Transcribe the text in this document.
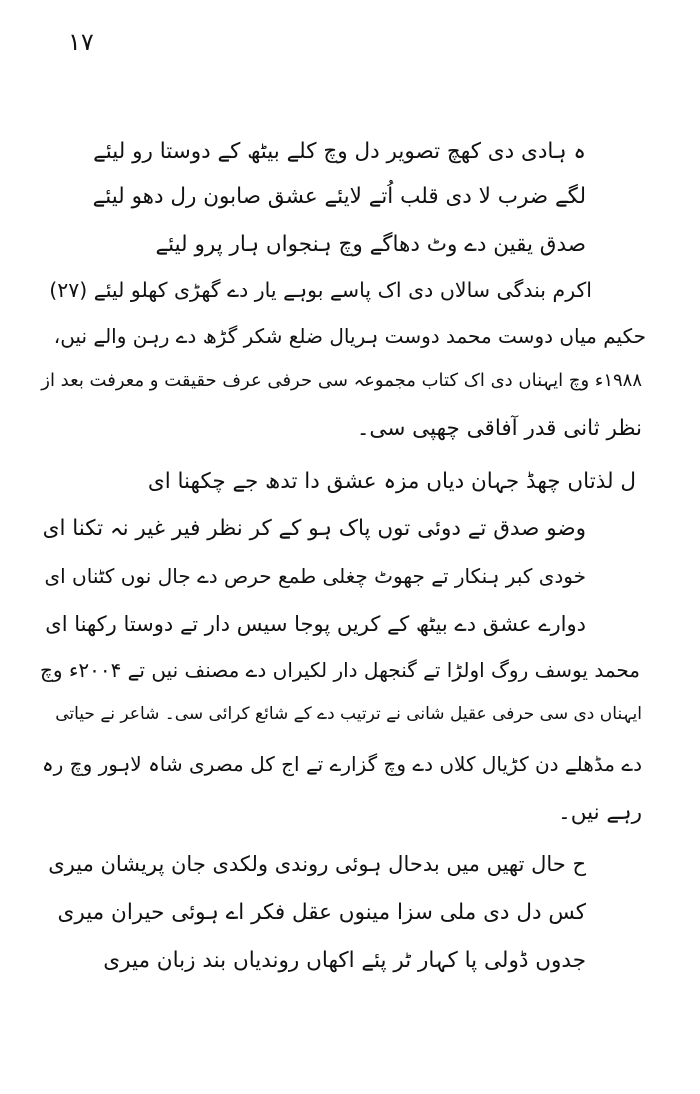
۱۷
ہ ہادی دی کھچ تصویر دل وچ کلے بیٹھ کے دوستا رو لیئے
لگے ضرب لا دی قلب اُتے لایئے عشق صابون رل دھو لیئے
صدق یقین دے وٹ دھاگے وچ ہنجواں ہار پرو لیئے
اکرم بندگی سالاں دی اک پاسے بوہے یار دے گھڑی کھلو لیئے (۲۷)
حکیم میاں دوست محمد دوست ہریال ضلع شکر گڑھ دے رہن والے نیں،
۱۹۸۸ء وچ ایہناں دی اک کتاب مجموعہ سی حرفی عرف حقیقت و معرفت بعد از
نظر ثانی قدر آفاقی چھپی سی۔
ل لذتاں چھڈ جہان دیاں مزہ عشق دا تدھ جے چکھنا ای
وضو صدق تے دوئی توں پاک ہو کے کر نظر فیر غیر نہ تکنا ای
خودی کبر ہنکار تے جھوٹ چغلی طمع حرص دے جال نوں کٹناں ای
دوارے عشق دے بیٹھ کے کریں پوجا سیس دار تے دوستا رکھنا ای
محمد یوسف روگ اولڑا تے گنجھل دار لکیراں دے مصنف نیں تے ۲۰۰۴ء وچ
ایہناں دی سی حرفی عقیل شانی نے ترتیب دے کے شائع کرائی سی۔ شاعر نے حیاتی
دے مڈھلے دن کڑیال کلاں دے وچ گزارے تے اج کل مصری شاہ لاہور وچ رہ
رہے نیں۔
ح حال تھیں میں بدحال ہوئی روندی ولکدی جان پریشان میری
کس دل دی ملی سزا مینوں عقل فکر اے ہوئی حیران میری
جدوں ڈولی پا کہار ٹر پئے اکھاں روندیاں بند زبان میری
